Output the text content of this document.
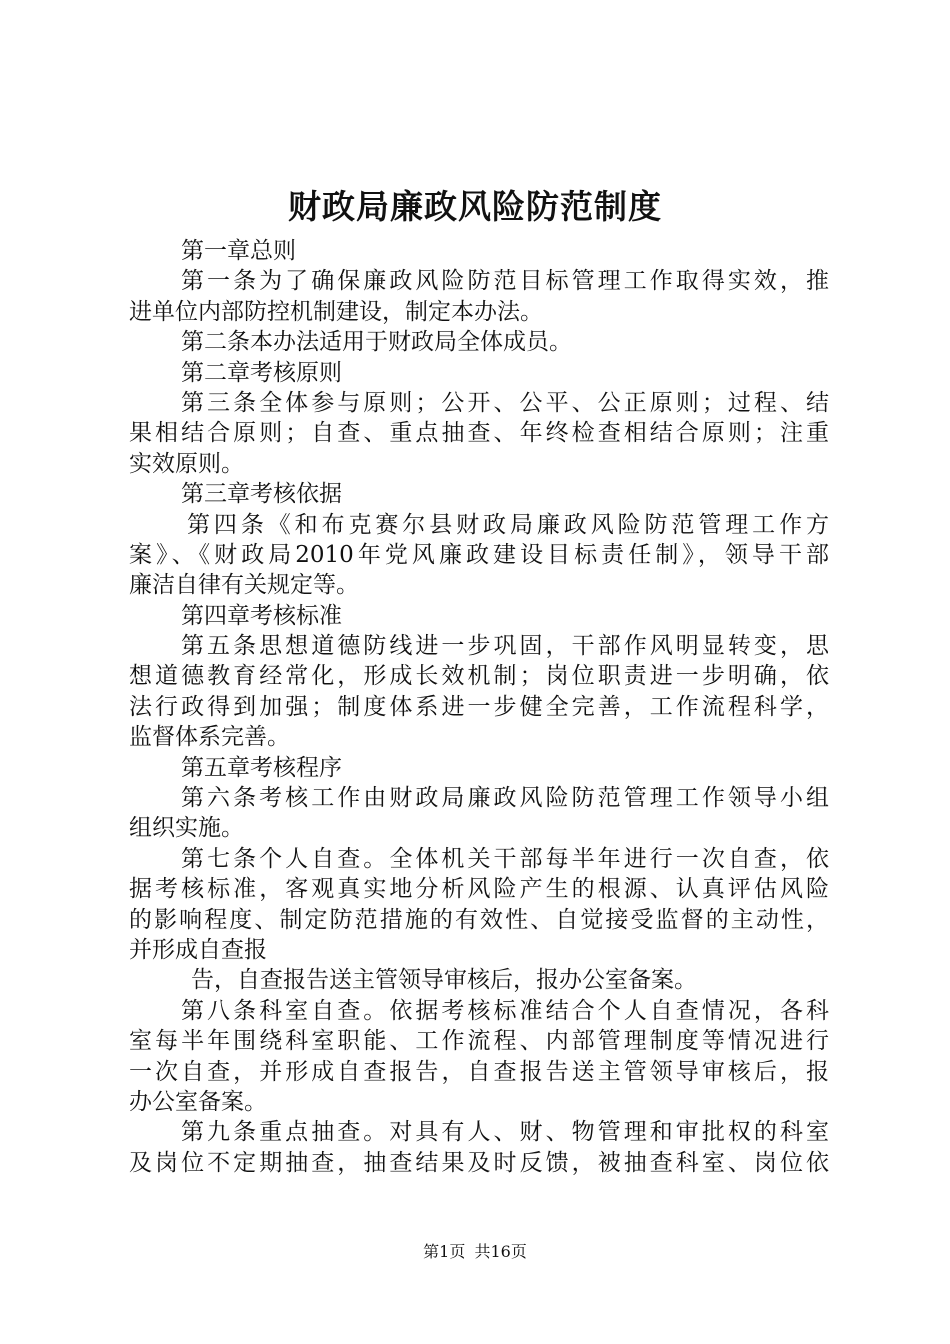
财政局廉政风险防范制度
第一章总则
第一条为了确保廉政风险防范目标管理工作取得实效，推
进单位内部防控机制建设，制定本办法。
第二条本办法适用于财政局全体成员。
第二章考核原则
第三条全体参与原则；公开、公平、公正原则；过程、结
果相结合原则；自查、重点抽查、年终检查相结合原则；注重
实效原则。
第三章考核依据
第四条《和布克赛尔县财政局廉政风险防范管理工作方
案》、《财政局2010年党风廉政建设目标责任制》，领导干部
廉洁自律有关规定等。
第四章考核标准
第五条思想道德防线进一步巩固，干部作风明显转变，思
想道德教育经常化，形成长效机制；岗位职责进一步明确，依
法行政得到加强；制度体系进一步健全完善，工作流程科学，
监督体系完善。
第五章考核程序
第六条考核工作由财政局廉政风险防范管理工作领导小组
组织实施。
第七条个人自查。全体机关干部每半年进行一次自查，依
据考核标准，客观真实地分析风险产生的根源、认真评估风险
的影响程度、制定防范措施的有效性、自觉接受监督的主动性，
并形成自查报
告，自查报告送主管领导审核后，报办公室备案。
第八条科室自查。依据考核标准结合个人自查情况，各科
室每半年围绕科室职能、工作流程、内部管理制度等情况进行
一次自查，并形成自查报告，自查报告送主管领导审核后，报
办公室备案。
第九条重点抽查。对具有人、财、物管理和审批权的科室
及岗位不定期抽查，抽查结果及时反馈，被抽查科室、岗位依
第1页 共16页
